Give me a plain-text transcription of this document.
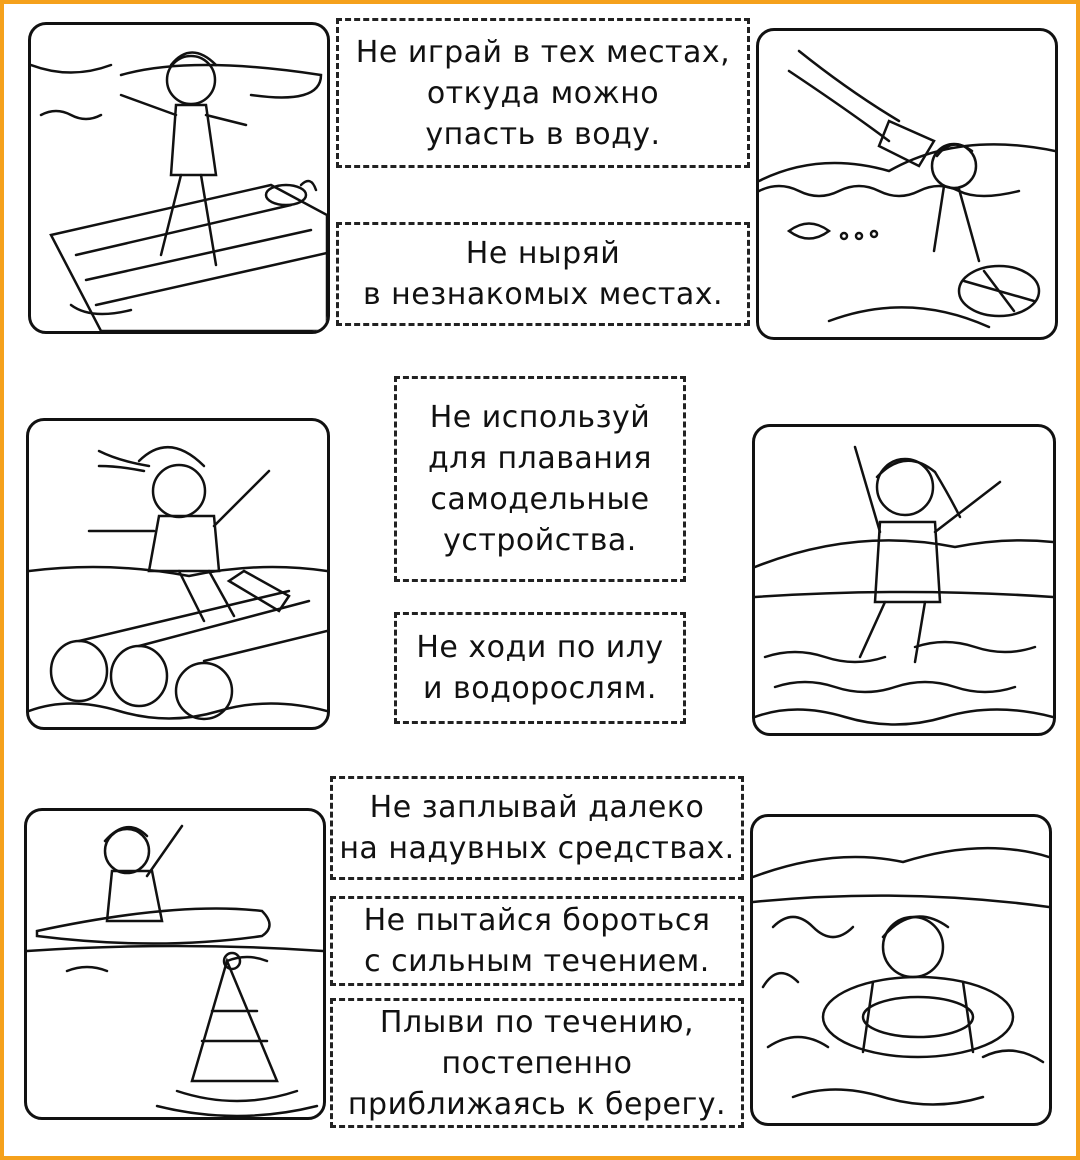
Не играй в тех местах,
откуда можно
упасть в воду.
Не ныряй
в незнакомых местах.
Не используй
для плавания
самодельные
устройства.
Не ходи по илу
и водорослям.
Не заплывай далеко
на надувных средствах.
Не пытайся бороться
с сильным течением.
Плыви по течению,
постепенно
приближаясь к берегу.
